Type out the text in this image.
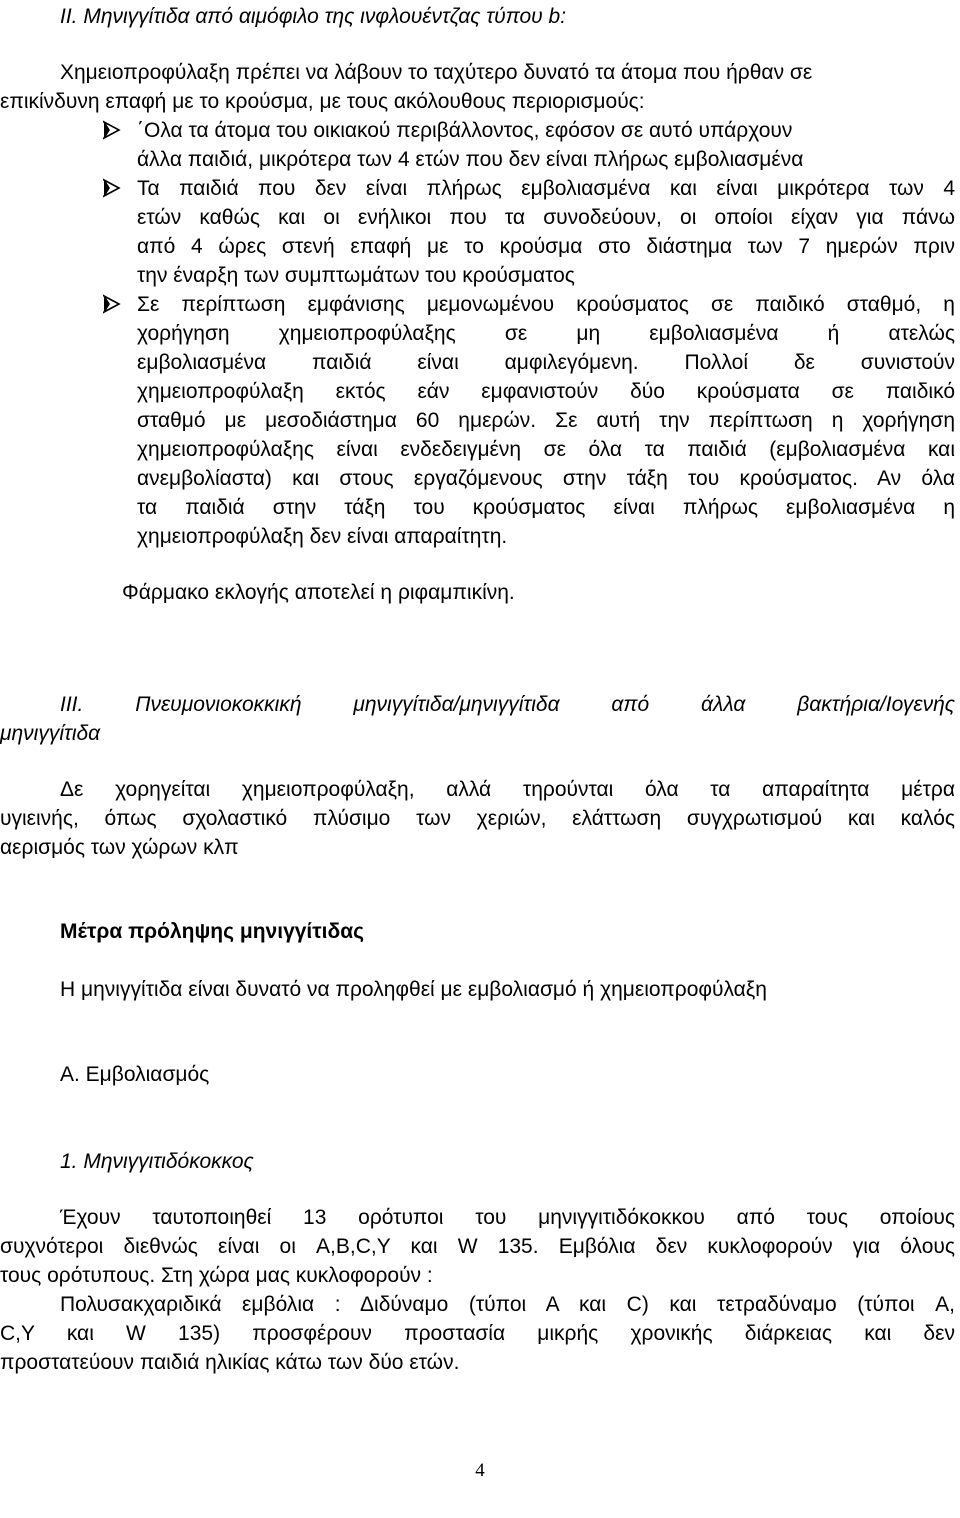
ΙΙ. Μηνιγγίτιδα από αιμόφιλο της ινφλουέντζας τύπου b:
Χημειοπροφύλαξη πρέπει να λάβουν το ταχύτερο δυνατό τα άτομα που ήρθαν σε
επικίνδυνη επαφή με το κρούσμα, με τους ακόλουθους περιορισμούς:
΄Ολα τα άτομα του οικιακού περιβάλλοντος, εφόσον σε αυτό υπάρχουν
άλλα παιδιά, μικρότερα των 4 ετών που δεν είναι πλήρως εμβολιασμένα
Τα παιδιά που δεν είναι πλήρως εμβολιασμένα και είναι μικρότερα των 4
ετών καθώς και οι ενήλικοι που τα συνοδεύουν, οι οποίοι είχαν για πάνω
από 4 ώρες στενή επαφή με το κρούσμα στο διάστημα των 7 ημερών πριν
την έναρξη των συμπτωμάτων του κρούσματος
Σε περίπτωση εμφάνισης μεμονωμένου κρούσματος σε παιδικό σταθμό, η
χορήγηση χημειοπροφύλαξης σε μη εμβολιασμένα ή ατελώς
εμβολιασμένα παιδιά είναι αμφιλεγόμενη. Πολλοί δε συνιστούν
χημειοπροφύλαξη εκτός εάν εμφανιστούν δύο κρούσματα σε παιδικό
σταθμό με μεσοδιάστημα 60 ημερών. Σε αυτή την περίπτωση η χορήγηση
χημειοπροφύλαξης είναι ενδεδειγμένη σε όλα τα παιδιά (εμβολιασμένα και
ανεμβολίαστα) και στους εργαζόμενους στην τάξη του κρούσματος. Αν όλα
τα παιδιά στην τάξη του κρούσματος είναι πλήρως εμβολιασμένα η
χημειοπροφύλαξη δεν είναι απαραίτητη.
Φάρμακο εκλογής αποτελεί η ριφαμπικίνη.
ΙΙΙ. Πνευμονιοκοκκική μηνιγγίτιδα/μηνιγγίτιδα από άλλα βακτήρια/Ιογενής
μηνιγγίτιδα
Δε χορηγείται χημειοπροφύλαξη, αλλά τηρούνται όλα τα απαραίτητα μέτρα
υγιεινής, όπως σχολαστικό πλύσιμο των χεριών, ελάττωση συγχρωτισμού και καλός
αερισμός των χώρων κλπ
Μέτρα πρόληψης μηνιγγίτιδας
Η μηνιγγίτιδα είναι δυνατό να προληφθεί με εμβολιασμό ή χημειοπροφύλαξη
Α. Εμβολιασμός
1. Μηνιγγιτιδόκοκκος
Έχουν ταυτοποιηθεί 13 ορότυποι του μηνιγγιτιδόκοκκου από τους οποίους
συχνότεροι διεθνώς είναι οι A,B,C,Y και W 135. Εμβόλια δεν κυκλοφορούν για όλους
τους ορότυπους. Στη χώρα μας κυκλοφορούν :
Πολυσακχαριδικά εμβόλια : Διδύναμο (τύποι Α και C) και τετραδύναμο (τύποι A,
C,Y και W 135) προσφέρουν προστασία μικρής χρονικής διάρκειας και δεν
προστατεύουν παιδιά ηλικίας κάτω των δύο ετών.
4
